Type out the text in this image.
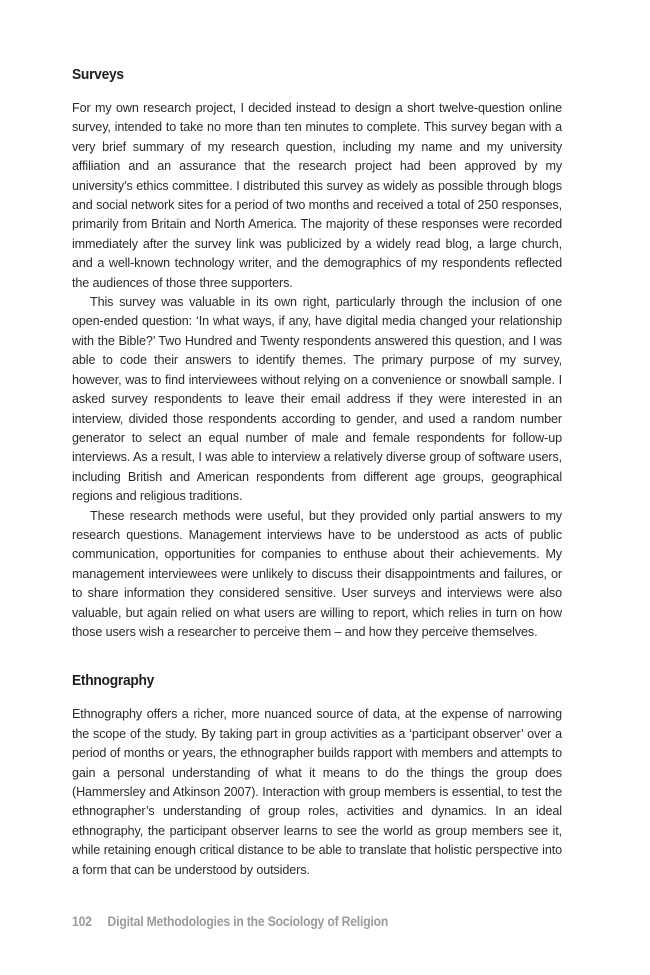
Surveys

For my own research project, I decided instead to design a short twelve-question online survey, intended to take no more than ten minutes to complete. This survey began with a very brief summary of my research question, including my name and my university affiliation and an assurance that the research project had been approved by my university’s ethics committee. I distributed this survey as widely as possible through blogs and social network sites for a period of two months and received a total of 250 responses, primarily from Britain and North America. The majority of these responses were recorded immediately after the survey link was publicized by a widely read blog, a large church, and a well-known technology writer, and the demographics of my respondents reflected the audiences of those three supporters.

This survey was valuable in its own right, particularly through the inclusion of one open-ended question: ‘In what ways, if any, have digital media changed your relationship with the Bible?’ Two Hundred and Twenty respondents answered this question, and I was able to code their answers to identify themes. The primary purpose of my survey, however, was to find interviewees without relying on a convenience or snowball sample. I asked survey respondents to leave their email address if they were interested in an interview, divided those respondents according to gender, and used a random number generator to select an equal number of male and female respondents for follow-up interviews. As a result, I was able to interview a relatively diverse group of software users, including British and American respondents from different age groups, geographical regions and religious traditions.

These research methods were useful, but they provided only partial answers to my research questions. Management interviews have to be understood as acts of public communication, opportunities for companies to enthuse about their achievements. My management interviewees were unlikely to discuss their disappointments and failures, or to share information they considered sensitive. User surveys and interviews were also valuable, but again relied on what users are willing to report, which relies in turn on how those users wish a researcher to perceive them – and how they perceive themselves.

Ethnography

Ethnography offers a richer, more nuanced source of data, at the expense of narrowing the scope of the study. By taking part in group activities as a ‘participant observer’ over a period of months or years, the ethnographer builds rapport with members and attempts to gain a personal understanding of what it means to do the things the group does (Hammersley and Atkinson 2007). Interaction with group members is essential, to test the ethnographer’s understanding of group roles, activities and dynamics. In an ideal ethnography, the participant observer learns to see the world as group members see it, while retaining enough critical distance to be able to translate that holistic perspective into a form that can be understood by outsiders.

102 Digital Methodologies in the Sociology of Religion
